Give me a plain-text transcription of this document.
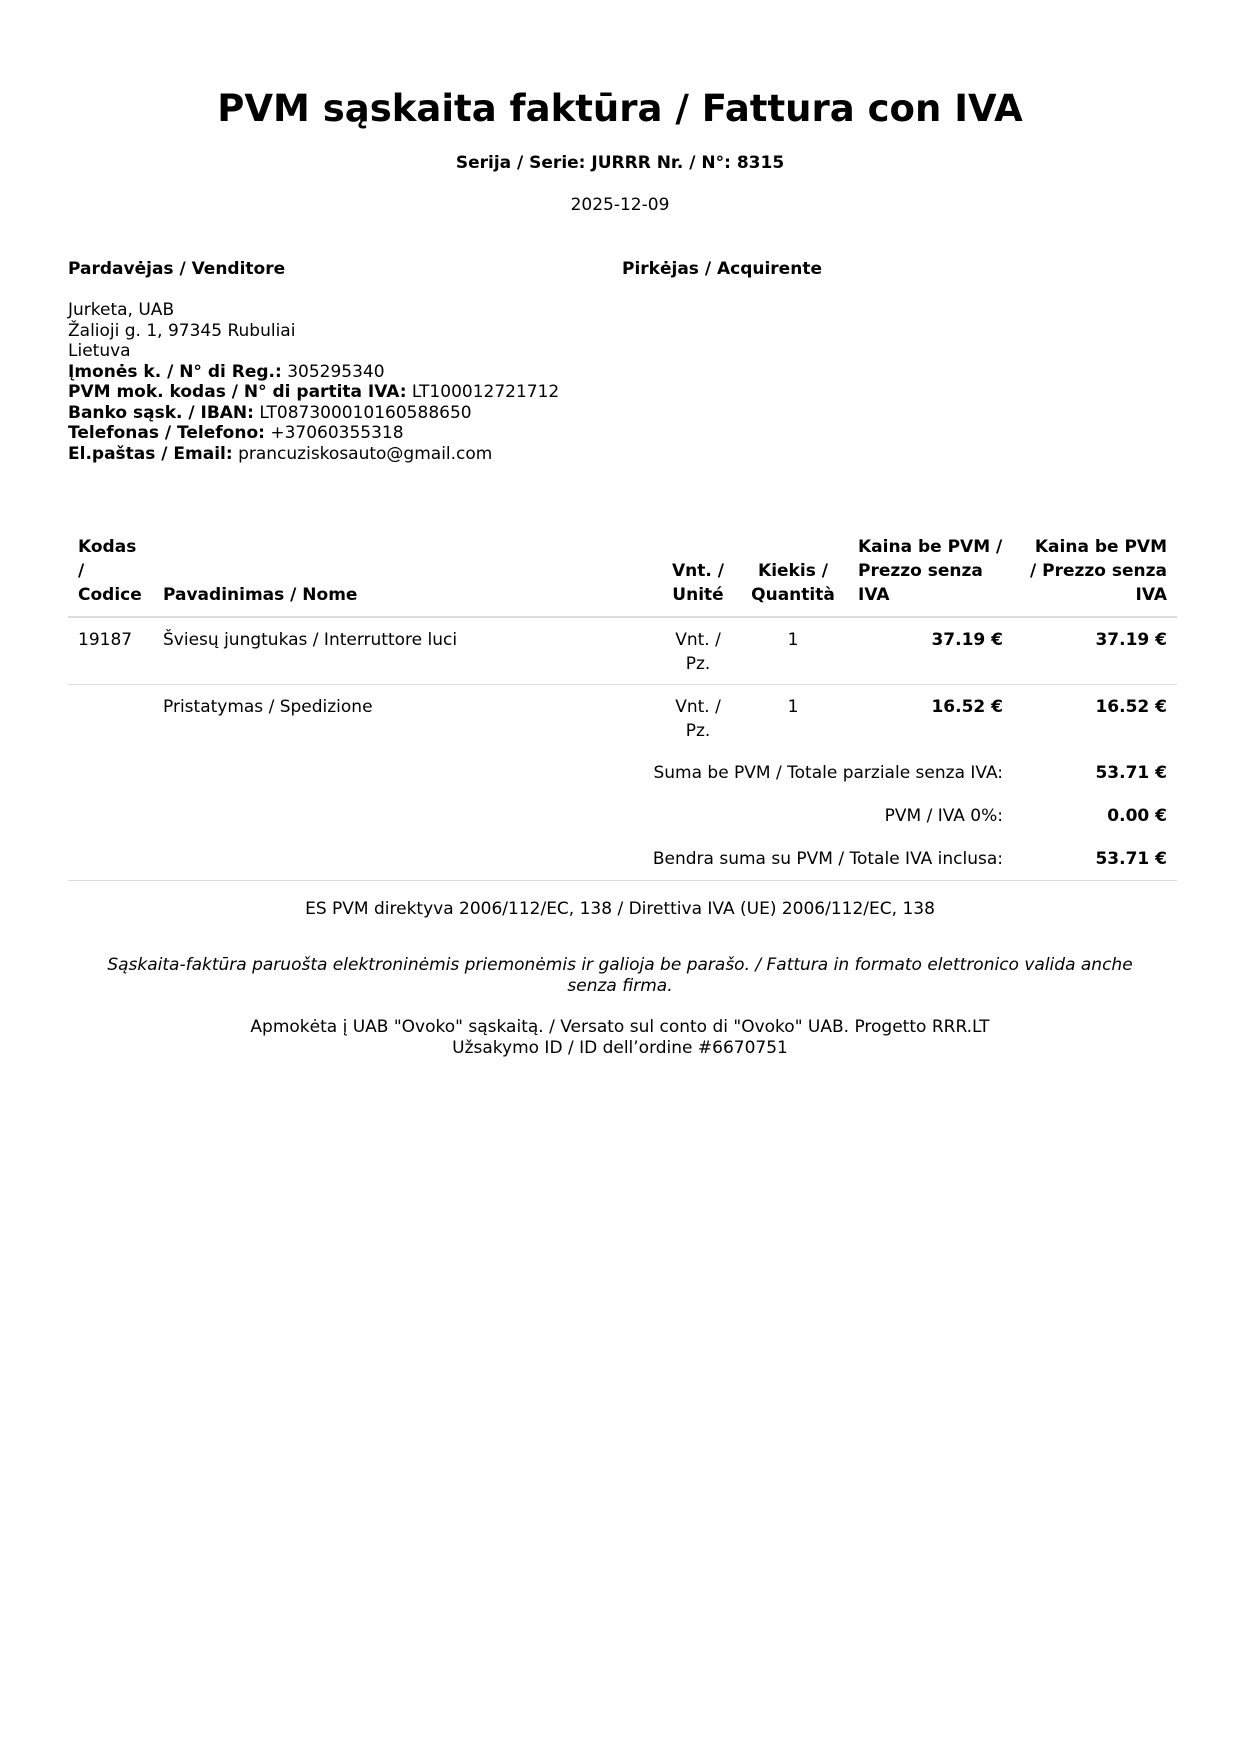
PVM sąskaita faktūra / Fattura con IVA
Serija / Serie: JURRR Nr. / N°: 8315
2025-12-09
Pardavėjas / Venditore	Pirkėjas / Acquirente
Jurketa, UAB
Žalioji g. 1, 97345 Rubuliai
Lietuva
Įmonės k. / N° di Reg.: 305295340
PVM mok. kodas / N° di partita IVA: LT100012721712
Banko sąsk. / IBAN: LT087300010160588650
Telefonas / Telefono: +37060355318
El.paštas / Email: prancuziskosauto@gmail.com
Kodas / Codice	Pavadinimas / Nome	Vnt. / Unité	Kiekis / Quantità	Kaina be PVM / Prezzo senza IVA	Kaina be PVM / Prezzo senza IVA
19187	Šviesų jungtukas / Interruttore luci	Vnt. / Pz.	1	37.19 €	37.19 €
	Pristatymas / Spedizione	Vnt. / Pz.	1	16.52 €	16.52 €
Suma be PVM / Totale parziale senza IVA:					53.71 €
PVM / IVA 0%:					0.00 €
Bendra suma su PVM / Totale IVA inclusa:					53.71 €
ES PVM direktyva 2006/112/EC, 138 / Direttiva IVA (UE) 2006/112/EC, 138
Sąskaita-faktūra paruošta elektroninėmis priemonėmis ir galioja be parašo. / Fattura in formato elettronico valida anche senza firma.
Apmokėta į UAB "Ovoko" sąskaitą. / Versato sul conto di "Ovoko" UAB. Progetto RRR.LT
Užsakymo ID / ID dell’ordine #6670751
